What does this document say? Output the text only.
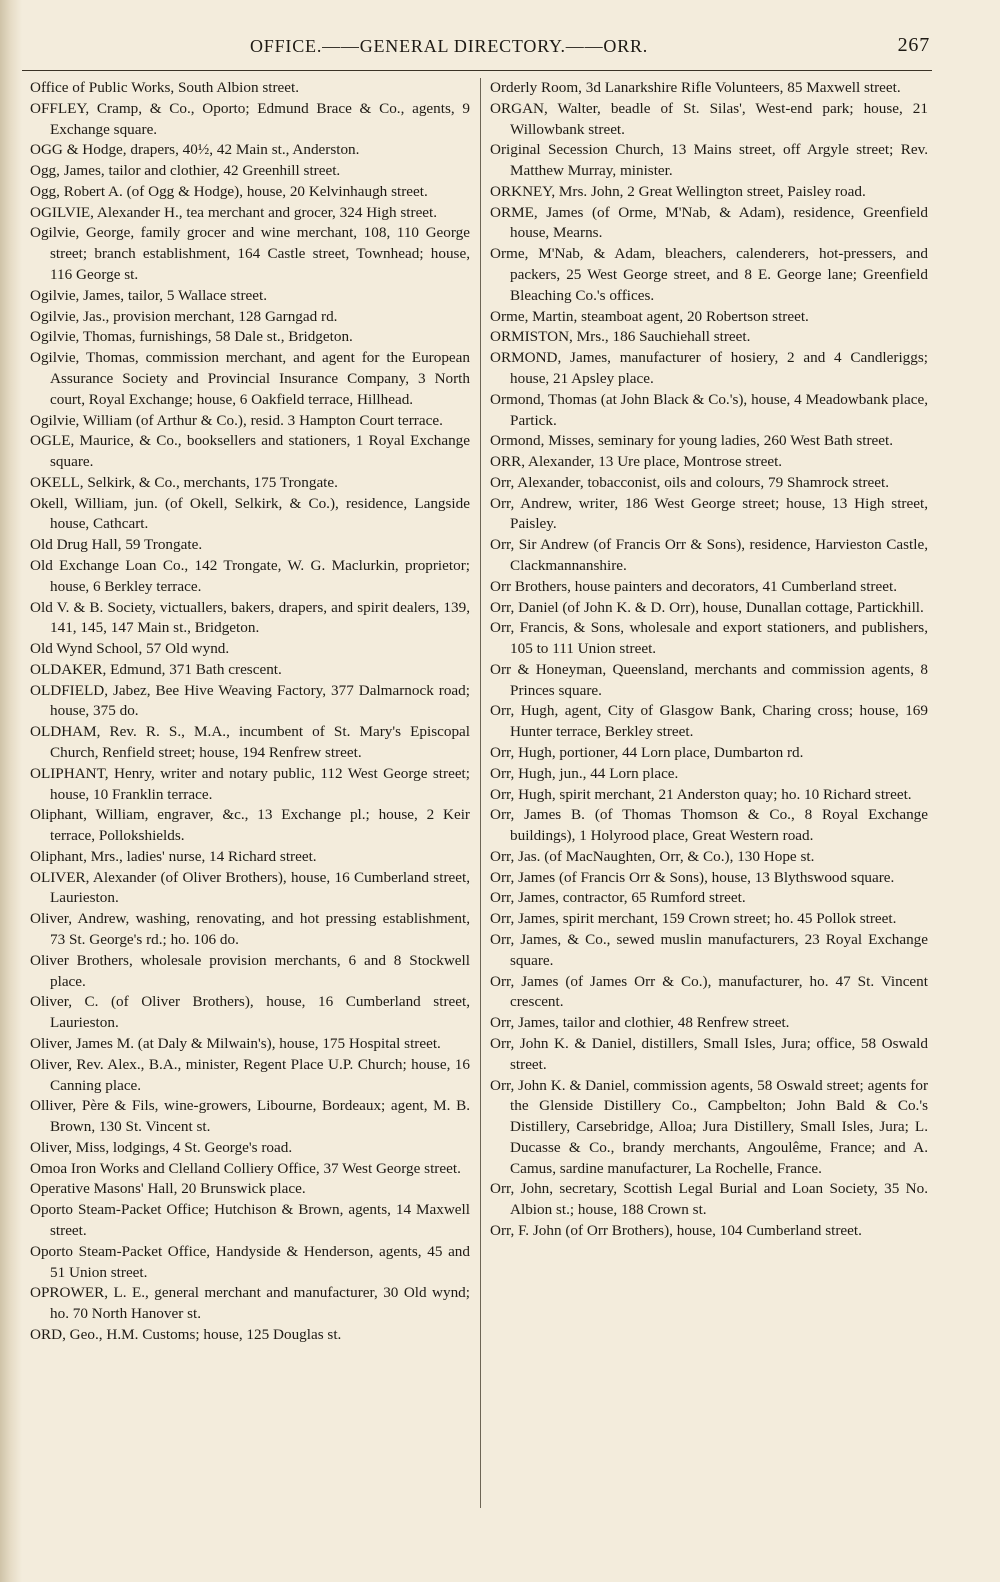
OFFICE.——GENERAL DIRECTORY.——ORR.	267
Office of Public Works, South Albion street.
OFFLEY, Cramp, & Co., Oporto; Edmund Brace & Co., agents, 9 Exchange square.
OGG & Hodge, drapers, 40½, 42 Main st., Anderston.
Ogg, James, tailor and clothier, 42 Greenhill street.
Ogg, Robert A. (of Ogg & Hodge), house, 20 Kelvinhaugh street.
OGILVIE, Alexander H., tea merchant and grocer, 324 High street.
Ogilvie, George, family grocer and wine merchant, 108, 110 George street; branch establishment, 164 Castle street, Townhead; house, 116 George st.
Ogilvie, James, tailor, 5 Wallace street.
Ogilvie, Jas., provision merchant, 128 Garngad rd.
Ogilvie, Thomas, furnishings, 58 Dale st., Bridgeton.
Ogilvie, Thomas, commission merchant, and agent for the European Assurance Society and Provincial Insurance Company, 3 North court, Royal Exchange; house, 6 Oakfield terrace, Hillhead.
Ogilvie, William (of Arthur & Co.), resid. 3 Hampton Court terrace.
OGLE, Maurice, & Co., booksellers and stationers, 1 Royal Exchange square.
OKELL, Selkirk, & Co., merchants, 175 Trongate.
Okell, William, jun. (of Okell, Selkirk, & Co.), residence, Langside house, Cathcart.
Old Drug Hall, 59 Trongate.
Old Exchange Loan Co., 142 Trongate, W. G. Maclurkin, proprietor; house, 6 Berkley terrace.
Old V. & B. Society, victuallers, bakers, drapers, and spirit dealers, 139, 141, 145, 147 Main st., Bridgeton.
Old Wynd School, 57 Old wynd.
OLDAKER, Edmund, 371 Bath crescent.
OLDFIELD, Jabez, Bee Hive Weaving Factory, 377 Dalmarnock road; house, 375 do.
OLDHAM, Rev. R. S., M.A., incumbent of St. Mary's Episcopal Church, Renfield street; house, 194 Renfrew street.
OLIPHANT, Henry, writer and notary public, 112 West George street; house, 10 Franklin terrace.
Oliphant, William, engraver, &c., 13 Exchange pl.; house, 2 Keir terrace, Pollokshields.
Oliphant, Mrs., ladies' nurse, 14 Richard street.
OLIVER, Alexander (of Oliver Brothers), house, 16 Cumberland street, Laurieston.
Oliver, Andrew, washing, renovating, and hot pressing establishment, 73 St. George's rd.; ho. 106 do.
Oliver Brothers, wholesale provision merchants, 6 and 8 Stockwell place.
Oliver, C. (of Oliver Brothers), house, 16 Cumberland street, Laurieston.
Oliver, James M. (at Daly & Milwain's), house, 175 Hospital street.
Oliver, Rev. Alex., B.A., minister, Regent Place U.P. Church; house, 16 Canning place.
Olliver, Père & Fils, wine-growers, Libourne, Bordeaux; agent, M. B. Brown, 130 St. Vincent st.
Oliver, Miss, lodgings, 4 St. George's road.
Omoa Iron Works and Clelland Colliery Office, 37 West George street.
Operative Masons' Hall, 20 Brunswick place.
Oporto Steam-Packet Office; Hutchison & Brown, agents, 14 Maxwell street.
Oporto Steam-Packet Office, Handyside & Henderson, agents, 45 and 51 Union street.
OPROWER, L. E., general merchant and manufacturer, 30 Old wynd; ho. 70 North Hanover st.
ORD, Geo., H.M. Customs; house, 125 Douglas st.
Orderly Room, 3d Lanarkshire Rifle Volunteers, 85 Maxwell street.
ORGAN, Walter, beadle of St. Silas', West-end park; house, 21 Willowbank street.
Original Secession Church, 13 Mains street, off Argyle street; Rev. Matthew Murray, minister.
ORKNEY, Mrs. John, 2 Great Wellington street, Paisley road.
ORME, James (of Orme, M'Nab, & Adam), residence, Greenfield house, Mearns.
Orme, M'Nab, & Adam, bleachers, calenderers, hot-pressers, and packers, 25 West George street, and 8 E. George lane; Greenfield Bleaching Co.'s offices.
Orme, Martin, steamboat agent, 20 Robertson street.
ORMISTON, Mrs., 186 Sauchiehall street.
ORMOND, James, manufacturer of hosiery, 2 and 4 Candleriggs; house, 21 Apsley place.
Ormond, Thomas (at John Black & Co.'s), house, 4 Meadowbank place, Partick.
Ormond, Misses, seminary for young ladies, 260 West Bath street.
ORR, Alexander, 13 Ure place, Montrose street.
Orr, Alexander, tobacconist, oils and colours, 79 Shamrock street.
Orr, Andrew, writer, 186 West George street; house, 13 High street, Paisley.
Orr, Sir Andrew (of Francis Orr & Sons), residence, Harvieston Castle, Clackmannanshire.
Orr Brothers, house painters and decorators, 41 Cumberland street.
Orr, Daniel (of John K. & D. Orr), house, Dunallan cottage, Partickhill.
Orr, Francis, & Sons, wholesale and export stationers, and publishers, 105 to 111 Union street.
Orr & Honeyman, Queensland, merchants and commission agents, 8 Princes square.
Orr, Hugh, agent, City of Glasgow Bank, Charing cross; house, 169 Hunter terrace, Berkley street.
Orr, Hugh, portioner, 44 Lorn place, Dumbarton rd.
Orr, Hugh, jun., 44 Lorn place.
Orr, Hugh, spirit merchant, 21 Anderston quay; ho. 10 Richard street.
Orr, James B. (of Thomas Thomson & Co., 8 Royal Exchange buildings), 1 Holyrood place, Great Western road.
Orr, Jas. (of MacNaughten, Orr, & Co.), 130 Hope st.
Orr, James (of Francis Orr & Sons), house, 13 Blythswood square.
Orr, James, contractor, 65 Rumford street.
Orr, James, spirit merchant, 159 Crown street; ho. 45 Pollok street.
Orr, James, & Co., sewed muslin manufacturers, 23 Royal Exchange square.
Orr, James (of James Orr & Co.), manufacturer, ho. 47 St. Vincent crescent.
Orr, James, tailor and clothier, 48 Renfrew street.
Orr, John K. & Daniel, distillers, Small Isles, Jura; office, 58 Oswald street.
Orr, John K. & Daniel, commission agents, 58 Oswald street; agents for the Glenside Distillery Co., Campbelton; John Bald & Co.'s Distillery, Carsebridge, Alloa; Jura Distillery, Small Isles, Jura; L. Ducasse & Co., brandy merchants, Angoulême, France; and A. Camus, sardine manufacturer, La Rochelle, France.
Orr, John, secretary, Scottish Legal Burial and Loan Society, 35 No. Albion st.; house, 188 Crown st.
Orr, F. John (of Orr Brothers), house, 104 Cumberland street.
